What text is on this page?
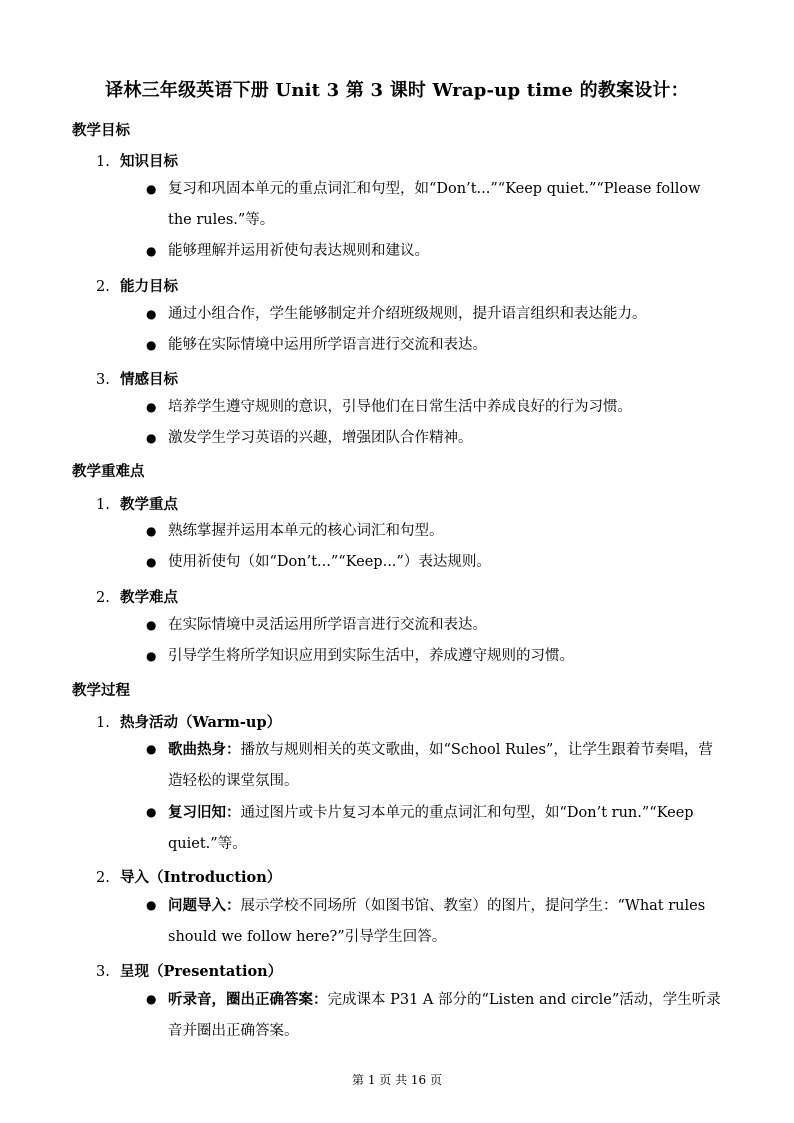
译林三年级英语下册 Unit 3 第 3 课时 Wrap-up time 的教案设计：
教学目标
1. 知识目标
● 复习和巩固本单元的重点词汇和句型，如“Don’t...”“Keep quiet.”“Please follow the rules.”等。
● 能够理解并运用祈使句表达规则和建议。
2. 能力目标
● 通过小组合作，学生能够制定并介绍班级规则，提升语言组织和表达能力。
● 能够在实际情境中运用所学语言进行交流和表达。
3. 情感目标
● 培养学生遵守规则的意识，引导他们在日常生活中养成良好的行为习惯。
● 激发学生学习英语的兴趣，增强团队合作精神。
教学重难点
1. 教学重点
● 熟练掌握并运用本单元的核心词汇和句型。
● 使用祈使句（如“Don’t...”“Keep...”）表达规则。
2. 教学难点
● 在实际情境中灵活运用所学语言进行交流和表达。
● 引导学生将所学知识应用到实际生活中，养成遵守规则的习惯。
教学过程
1. 热身活动（Warm-up）
● 歌曲热身：播放与规则相关的英文歌曲，如“School Rules”，让学生跟着节奏唱，营造轻松的课堂氛围。
● 复习旧知：通过图片或卡片复习本单元的重点词汇和句型，如“Don’t run.”“Keep quiet.”等。
2. 导入（Introduction）
● 问题导入：展示学校不同场所（如图书馆、教室）的图片，提问学生：“What rules should we follow here?”引导学生回答。
3. 呈现（Presentation）
● 听录音，圈出正确答案：完成课本 P31 A 部分的“Listen and circle”活动，学生听录音并圈出正确答案。
第 1 页 共 16 页
